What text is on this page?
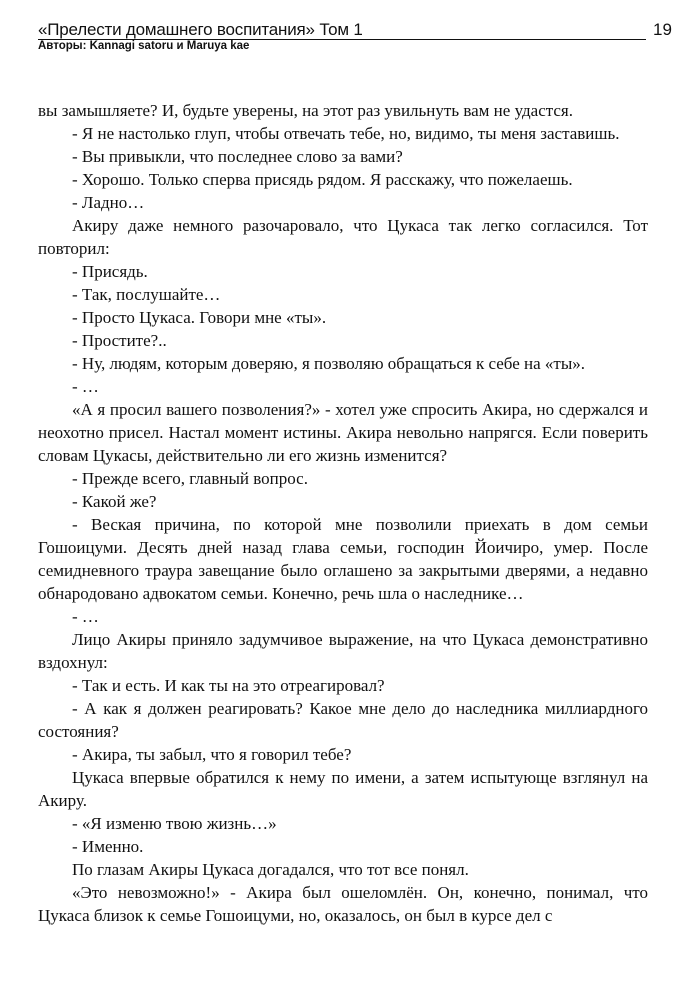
«Прелести домашнего воспитания» Том 1
Авторы: Kannagi satoru и Maruya kae
19

вы замышляете? И, будьте уверены, на этот раз увильнуть вам не удастся.

- Я не настолько глуп, чтобы отвечать тебе, но, видимо, ты меня заставишь.

- Вы привыкли, что последнее слово за вами?

- Хорошо. Только сперва присядь рядом. Я расскажу, что пожелаешь.

- Ладно…

Акиру даже немного разочаровало, что Цукаса так легко согласился. Тот повторил:

- Присядь.

- Так, послушайте…

- Просто Цукаса. Говори мне «ты».

- Простите?..

- Ну, людям, которым доверяю, я позволяю обращаться к себе на «ты».

- …

«А я просил вашего позволения?» - хотел уже спросить Акира, но сдержался и неохотно присел. Настал момент истины. Акира невольно напрягся. Если поверить словам Цукасы, действительно ли его жизнь изменится?

- Прежде всего, главный вопрос.

- Какой же?

- Веская причина, по которой мне позволили приехать в дом семьи Гошоицуми. Десять дней назад глава семьи, господин Йоичиро, умер. После семидневного траура завещание было оглашено за закрытыми дверями, а недавно обнародовано адвокатом семьи. Конечно, речь шла о наследнике…

- …

Лицо Акиры приняло задумчивое выражение, на что Цукаса демонстративно вздохнул:

- Так и есть. И как ты на это отреагировал?

- А как я должен реагировать? Какое мне дело до наследника миллиардного состояния?

- Акира, ты забыл, что я говорил тебе?

Цукаса впервые обратился к нему по имени, а затем испытующе взглянул на Акиру.

- «Я изменю твою жизнь…»

- Именно.

По глазам Акиры Цукаса догадался, что тот все понял.

«Это невозможно!» - Акира был ошеломлён. Он, конечно, понимал, что Цукаса близок к семье Гошоицуми, но, оказалось, он был в курсе дел с
